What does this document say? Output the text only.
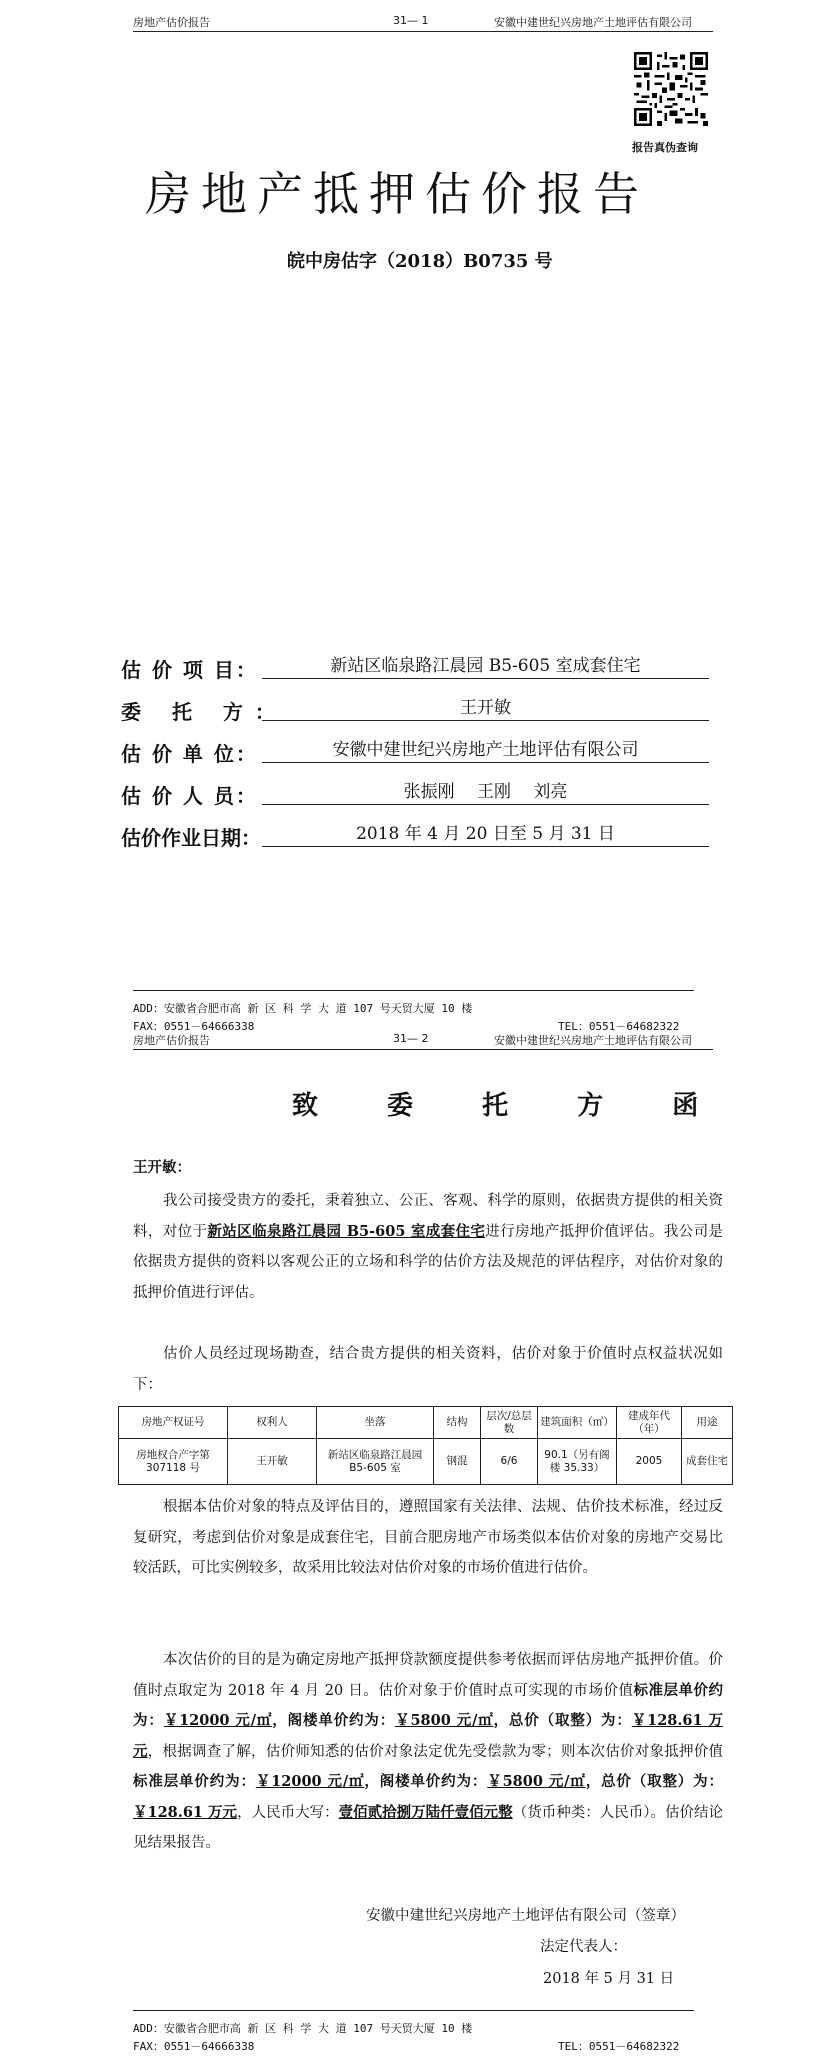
房地产估价报告	31— 1	安徽中建世纪兴房地产土地评估有限公司
报告真伪查询
房地产抵押估价报告
皖中房估字（2018）B0735 号
估 价 项 目：	新站区临泉路江晨园 B5-605 室成套住宅
委 托 方：	王开敏
估 价 单 位：	安徽中建世纪兴房地产土地评估有限公司
估 价 人 员：	张振刚　 王刚　 刘亮
估价作业日期：	2018 年 4 月 20 日至 5 月 31 日
ADD：安徽省合肥市高 新 区 科 学 大 道 107 号天贸大厦 10 楼
FAX：0551－64666338	TEL：0551－64682322
房地产估价报告	31— 2	安徽中建世纪兴房地产土地评估有限公司
致 委 托 方 函
王开敏：
我公司接受贵方的委托，秉着独立、公正、客观、科学的原则，依据贵方提供的相关资料，对位于新站区临泉路江晨园 B5-605 室成套住宅进行房地产抵押价值评估。我公司是依据贵方提供的资料以客观公正的立场和科学的估价方法及规范的评估程序，对估价对象的抵押价值进行评估。
估价人员经过现场勘查，结合贵方提供的相关资料，估价对象于价值时点权益状况如下：
房地产权证号	权利人	坐落	结构	层次/总层数	建筑面积（㎡）	建成年代（年）	用途
房地权合产字第 307118 号	王开敏	新站区临泉路江晨园 B5-605 室	钢混	6/6	90.1（另有阁楼 35.33）	2005	成套住宅
根据本估价对象的特点及评估目的，遵照国家有关法律、法规、估价技术标准，经过反复研究，考虑到估价对象是成套住宅，目前合肥房地产市场类似本估价对象的房地产交易比较活跃，可比实例较多，故采用比较法对估价对象的市场价值进行估价。
本次估价的目的是为确定房地产抵押贷款额度提供参考依据而评估房地产抵押价值。价值时点取定为 2018 年 4 月 20 日。估价对象于价值时点可实现的市场价值标准层单价约为：￥12000 元/㎡，阁楼单价约为：￥5800 元/㎡，总价（取整）为：￥128.61 万元，根据调查了解，估价师知悉的估价对象法定优先受偿款为零；则本次估价对象抵押价值标准层单价约为：￥12000 元/㎡，阁楼单价约为：￥5800 元/㎡，总价（取整）为：￥128.61 万元，人民币大写：壹佰贰拾捌万陆仟壹佰元整（货币种类：人民币）。估价结论见结果报告。
安徽中建世纪兴房地产土地评估有限公司（签章）
法定代表人：
2018 年 5 月 31 日
ADD：安徽省合肥市高 新 区 科 学 大 道 107 号天贸大厦 10 楼
FAX：0551－64666338	TEL：0551－64682322
